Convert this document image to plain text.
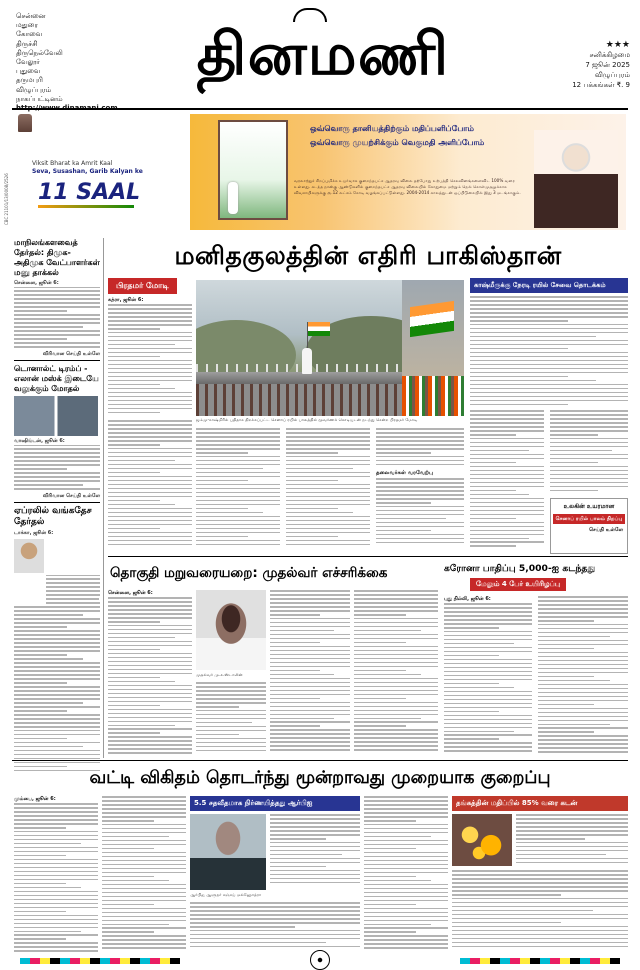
சென்னை
மதுரை
கோவை
திருச்சி
திருநெல்வேலி
வேலூர்
புதுவை
தருமபுரி
விழுப்புரம்
நாகப்பட்டினம்
தினமணி	★★★
சனிக்கிழமை
7 ஜூன் 2025
விழுப்புரம்
12 பக்கங்கள் ₹. 9
Viksit Bharat ka Amrit Kaal
Seva, Susashan, Garib Kalyan ke
11 SAAL
ஒவ்வொரு தானியத்திற்கும் மதிப்பளிப்போம்
ஒவ்வொரு முயற்சிக்கும் வெகுமதி அளிப்போம்
வரலாற்றுச் சிறப்புமிக்க உயர்வாக குறைந்தபட்ச ஆதரவு விலை தற்போது உற்பத்தி செலவினங்களைவிட 100% வரை உள்ளது. கடந்த நான்கு ஆண்டுகளில் குறைந்தபட்ச ஆதரவு விலையில் கோதுமை மற்றும் நெல் கொள்முதலுக்காக விவசாயிகளுக்கு ரூ.12 லட்சம் கோடி வழங்கப்பட்டுள்ளது. 2004-2014 காலத்துடன் ஒப்பிடுகையில் இது 3 மடங்காகும்.
CBC 21101/13/0008/2526
மாநிலங்களவைத் தேர்தல்: திமுக-அதிமுக வேட்பாளர்கள் மனு தாக்கல்
சென்னை, ஜூன் 6:
விரிவான செய்தி உள்ளே
டொனால்ட் டிரம்ப் - எலான் மஸ்க் இடையே வலுக்கும் மோதல்
வாஷிங்டன், ஜூன் 6:
விரிவான செய்தி உள்ளே
ஏப்ரலில் வங்கதேச தேர்தல்
டாக்கா, ஜூன் 6:
மனிதகுலத்தின் எதிரி பாகிஸ்தான்
பிரதமர் மோடி
கத்ரா, ஜூன் 6:
ஜம்மு-காஷ்மீரில் புதிதாக திறக்கப்பட்ட செனாப் ரயில் பாலத்தில் மூவர்ணக் கொடியுடன் நடந்து சென்ற பிரதமர் மோடி
தலைவர்கள் வரவேற்பு
காஷ்மீருக்கு நேரடி ரயில் சேவை தொடக்கம்
உலகின் உயரமான
செனாப் ரயில் பாலம் திறப்பு
செய்தி உள்ளே
தொகுதி மறுவரையறை: முதல்வர் எச்சரிக்கை
சென்னை, ஜூன் 6:
முதல்வர் மு.க.ஸ்டாலின்
கரோனா பாதிப்பு 5,000-ஐ கடந்தது
மேலும் 4 பேர் உயிரிழப்பு
புது தில்லி, ஜூன் 6:
வட்டி விகிதம் தொடர்ந்து மூன்றாவது முறையாக குறைப்பு
மும்பை, ஜூன் 6:	5.5 சதவீதமாக நிர்ணயித்தது ஆர்பிஐ
ஆர்பிஐ ஆளுநர் சஞ்சய் மல்ஹோத்ரா
தங்கத்தின் மதிப்பில் 85% வரை கடன்
